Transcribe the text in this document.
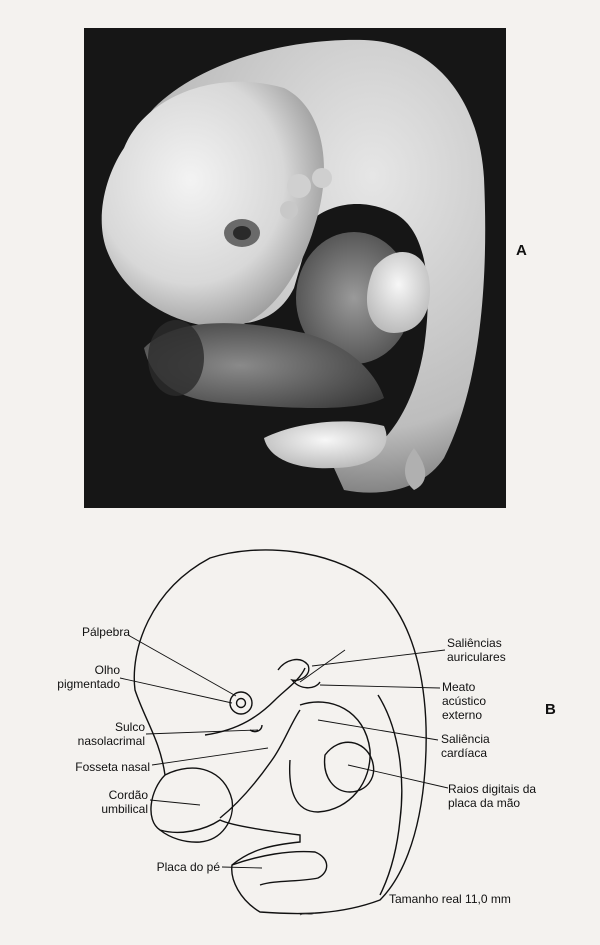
A
Pálpebra
Olho
pigmentado
Sulco
nasolacrimal
Fosseta nasal
Cordão
umbilical
Placa do pé
Saliências
auriculares
Meato
acústico
externo
Saliência
cardíaca
Raios digitais da
placa da mão
Tamanho real 11,0 mm
B
